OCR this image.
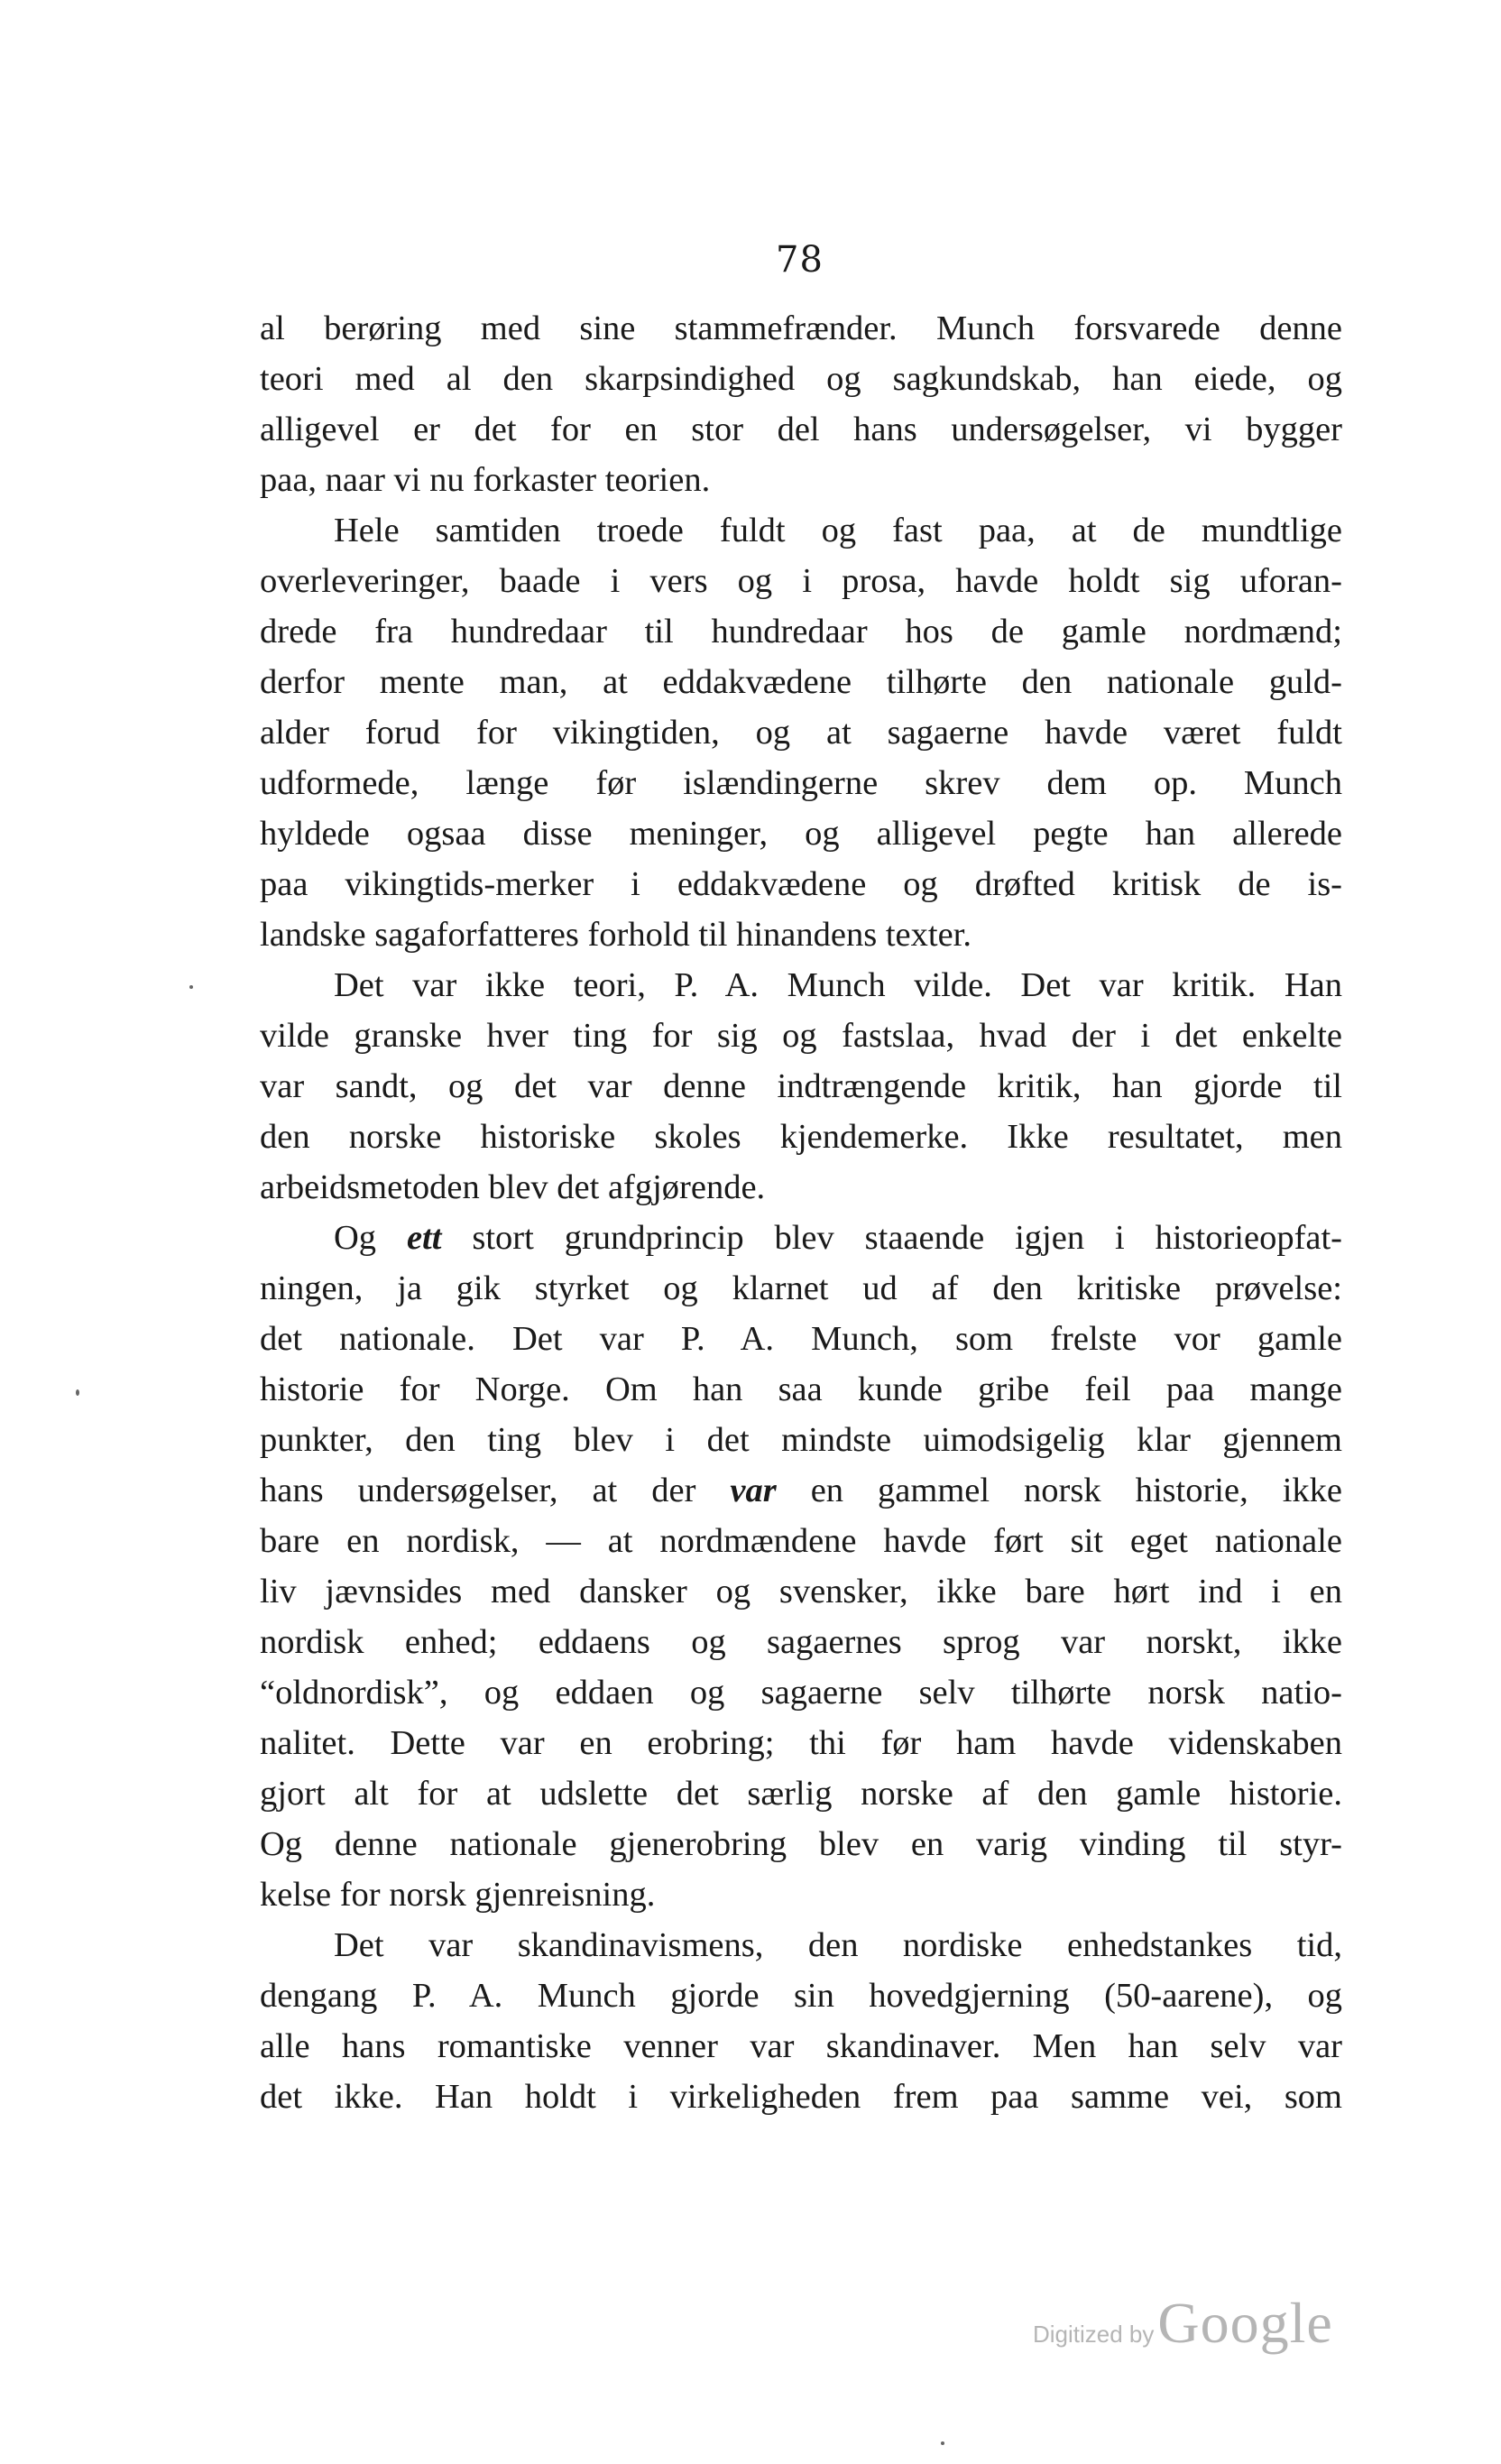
78
al berøring med sine stammefrænder. Munch forsvarede denne
teori med al den skarpsindighed og sagkundskab, han eiede, og
alligevel er det for en stor del hans undersøgelser, vi bygger
paa, naar vi nu forkaster teorien.
Hele samtiden troede fuldt og fast paa, at de mundtlige
overleveringer, baade i vers og i prosa, havde holdt sig uforan-
drede fra hundredaar til hundredaar hos de gamle nordmænd;
derfor mente man, at eddakvædene tilhørte den nationale guld-
alder forud for vikingtiden, og at sagaerne havde været fuldt
udformede, længe før islændingerne skrev dem op. Munch
hyldede ogsaa disse meninger, og alligevel pegte han allerede
paa vikingtids-merker i eddakvædene og drøfted kritisk de is-
landske sagaforfatteres forhold til hinandens texter.
Det var ikke teori, P. A. Munch vilde. Det var kritik. Han
vilde granske hver ting for sig og fastslaa, hvad der i det enkelte
var sandt, og det var denne indtrængende kritik, han gjorde til
den norske historiske skoles kjendemerke. Ikke resultatet, men
arbeidsmetoden blev det afgjørende.
Og ett stort grundprincip blev staaende igjen i historieopfat-
ningen, ja gik styrket og klarnet ud af den kritiske prøvelse:
det nationale. Det var P. A. Munch, som frelste vor gamle
historie for Norge. Om han saa kunde gribe feil paa mange
punkter, den ting blev i det mindste uimodsigelig klar gjennem
hans undersøgelser, at der var en gammel norsk historie, ikke
bare en nordisk, — at nordmændene havde ført sit eget nationale
liv jævnsides med dansker og svensker, ikke bare hørt ind i en
nordisk enhed; eddaens og sagaernes sprog var norskt, ikke
“oldnordisk”, og eddaen og sagaerne selv tilhørte norsk natio-
nalitet. Dette var en erobring; thi før ham havde videnskaben
gjort alt for at udslette det særlig norske af den gamle historie.
Og denne nationale gjenerobring blev en varig vinding til styr-
kelse for norsk gjenreisning.
Det var skandinavismens, den nordiske enhedstankes tid,
dengang P. A. Munch gjorde sin hovedgjerning (50-aarene), og
alle hans romantiske venner var skandinaver. Men han selv var
det ikke. Han holdt i virkeligheden frem paa samme vei, som
Digitized by Google
